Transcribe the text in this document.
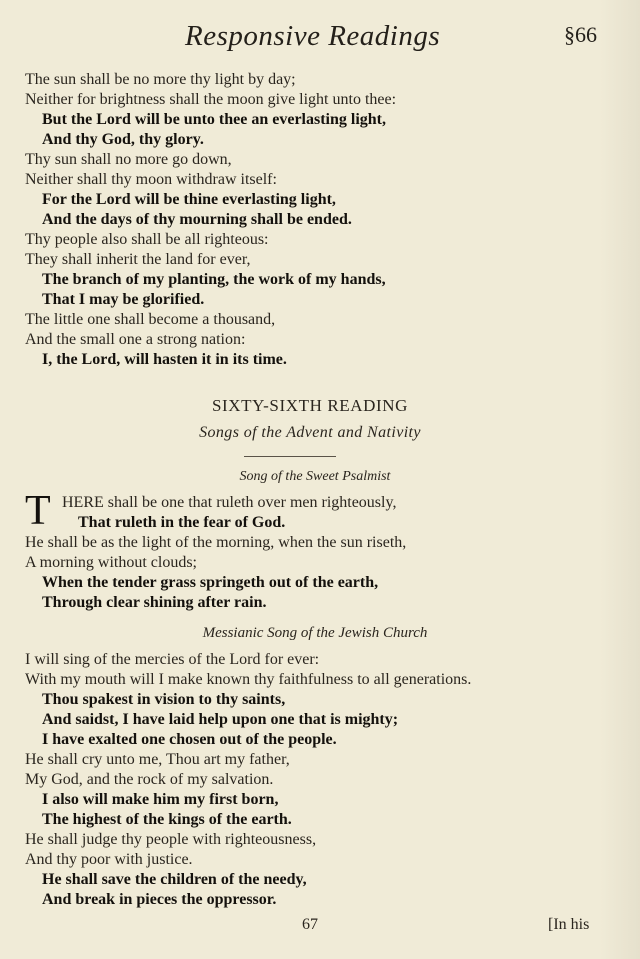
Responsive Readings	§66
The sun shall be no more thy light by day;
Neither for brightness shall the moon give light unto thee:
But the Lord will be unto thee an everlasting light,
And thy God, thy glory.
Thy sun shall no more go down,
Neither shall thy moon withdraw itself:
For the Lord will be thine everlasting light,
And the days of thy mourning shall be ended.
Thy people also shall be all righteous:
They shall inherit the land for ever,
The branch of my planting, the work of my hands,
That I may be glorified.
The little one shall become a thousand,
And the small one a strong nation:
I, the Lord, will hasten it in its time.
SIXTY-SIXTH READING
Songs of the Advent and Nativity
Song of the Sweet Psalmist
T HERE shall be one that ruleth over men righteously,
That ruleth in the fear of God.
He shall be as the light of the morning, when the sun riseth,
A morning without clouds;
When the tender grass springeth out of the earth,
Through clear shining after rain.
Messianic Song of the Jewish Church
I will sing of the mercies of the Lord for ever:
With my mouth will I make known thy faithfulness to all generations.
Thou spakest in vision to thy saints,
And saidst, I have laid help upon one that is mighty;
I have exalted one chosen out of the people.
He shall cry unto me, Thou art my father,
My God, and the rock of my salvation.
I also will make him my first born,
The highest of the kings of the earth.
He shall judge thy people with righteousness,
And thy poor with justice.
He shall save the children of the needy,
And break in pieces the oppressor.
67	[In his
